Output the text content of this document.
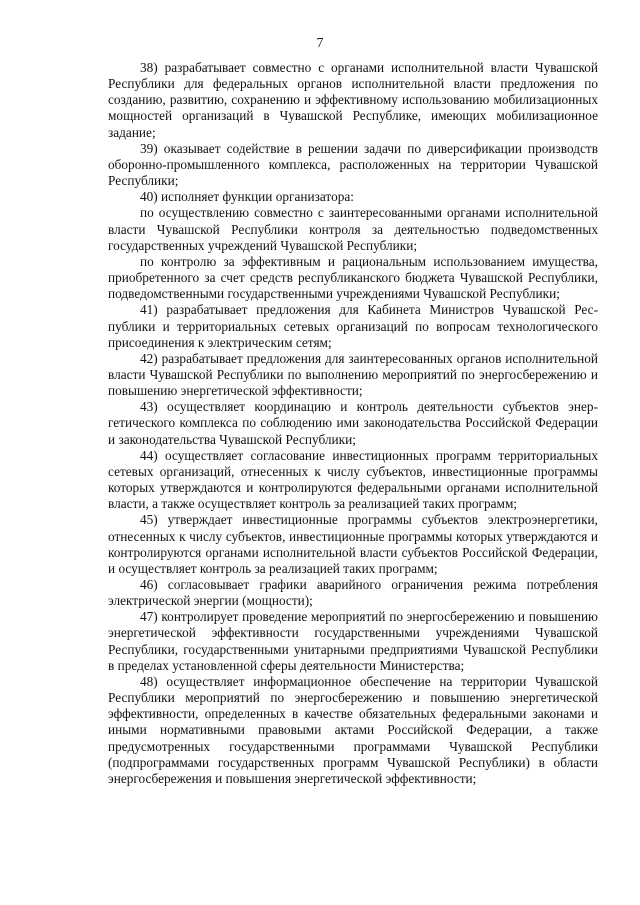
7

38) разрабатывает совместно с органами исполнительной власти Чувашской Республики для федеральных органов исполнительной власти предложения по созданию, развитию, сохранению и эффективному использованию мобилизационных мощностей организаций в Чувашской Республике, имеющих мобилизационное задание;

39) оказывает содействие в решении задачи по диверсификации производств оборонно-промышленного комплекса, расположенных на территории Чувашской Республики;

40) исполняет функции организатора:

по осуществлению совместно с заинтересованными органами исполнительной власти Чувашской Республики контроля за деятельностью подведомственных государственных учреждений Чувашской Республики;

по контролю за эффективным и рациональным использованием имущества, приобретенного за счет средств республиканского бюджета Чувашской Республики, подведомственными государственными учреждениями Чувашской Республики;

41) разрабатывает предложения для Кабинета Министров Чувашской Республики и территориальных сетевых организаций по вопросам технологического присоединения к электрическим сетям;

42) разрабатывает предложения для заинтересованных органов исполнительной власти Чувашской Республики по выполнению мероприятий по энергосбережению и повышению энергетической эффективности;

43) осуществляет координацию и контроль деятельности субъектов энергетического комплекса по соблюдению ими законодательства Российской Федерации и законодательства Чувашской Республики;

44) осуществляет согласование инвестиционных программ территориальных сетевых организаций, отнесенных к числу субъектов, инвестиционные программы которых утверждаются и контролируются федеральными органами исполнительной власти, а также осуществляет контроль за реализацией таких программ;

45) утверждает инвестиционные программы субъектов электроэнергетики, отнесенных к числу субъектов, инвестиционные программы которых утверждаются и контролируются органами исполнительной власти субъектов Российской Федерации, и осуществляет контроль за реализацией таких программ;

46) согласовывает графики аварийного ограничения режима потребления электрической энергии (мощности);

47) контролирует проведение мероприятий по энергосбережению и повышению энергетической эффективности государственными учреждениями Чувашской Республики, государственными унитарными предприятиями Чувашской Республики в пределах установленной сферы деятельности Министерства;

48) осуществляет информационное обеспечение на территории Чувашской Республики мероприятий по энергосбережению и повышению энергетической эффективности, определенных в качестве обязательных федеральными законами и иными нормативными правовыми актами Российской Федерации, а также предусмотренных государственными программами Чувашской Республики (подпрограммами государственных программ Чувашской Республики) в области энергосбережения и повышения энергетической эффективности;
